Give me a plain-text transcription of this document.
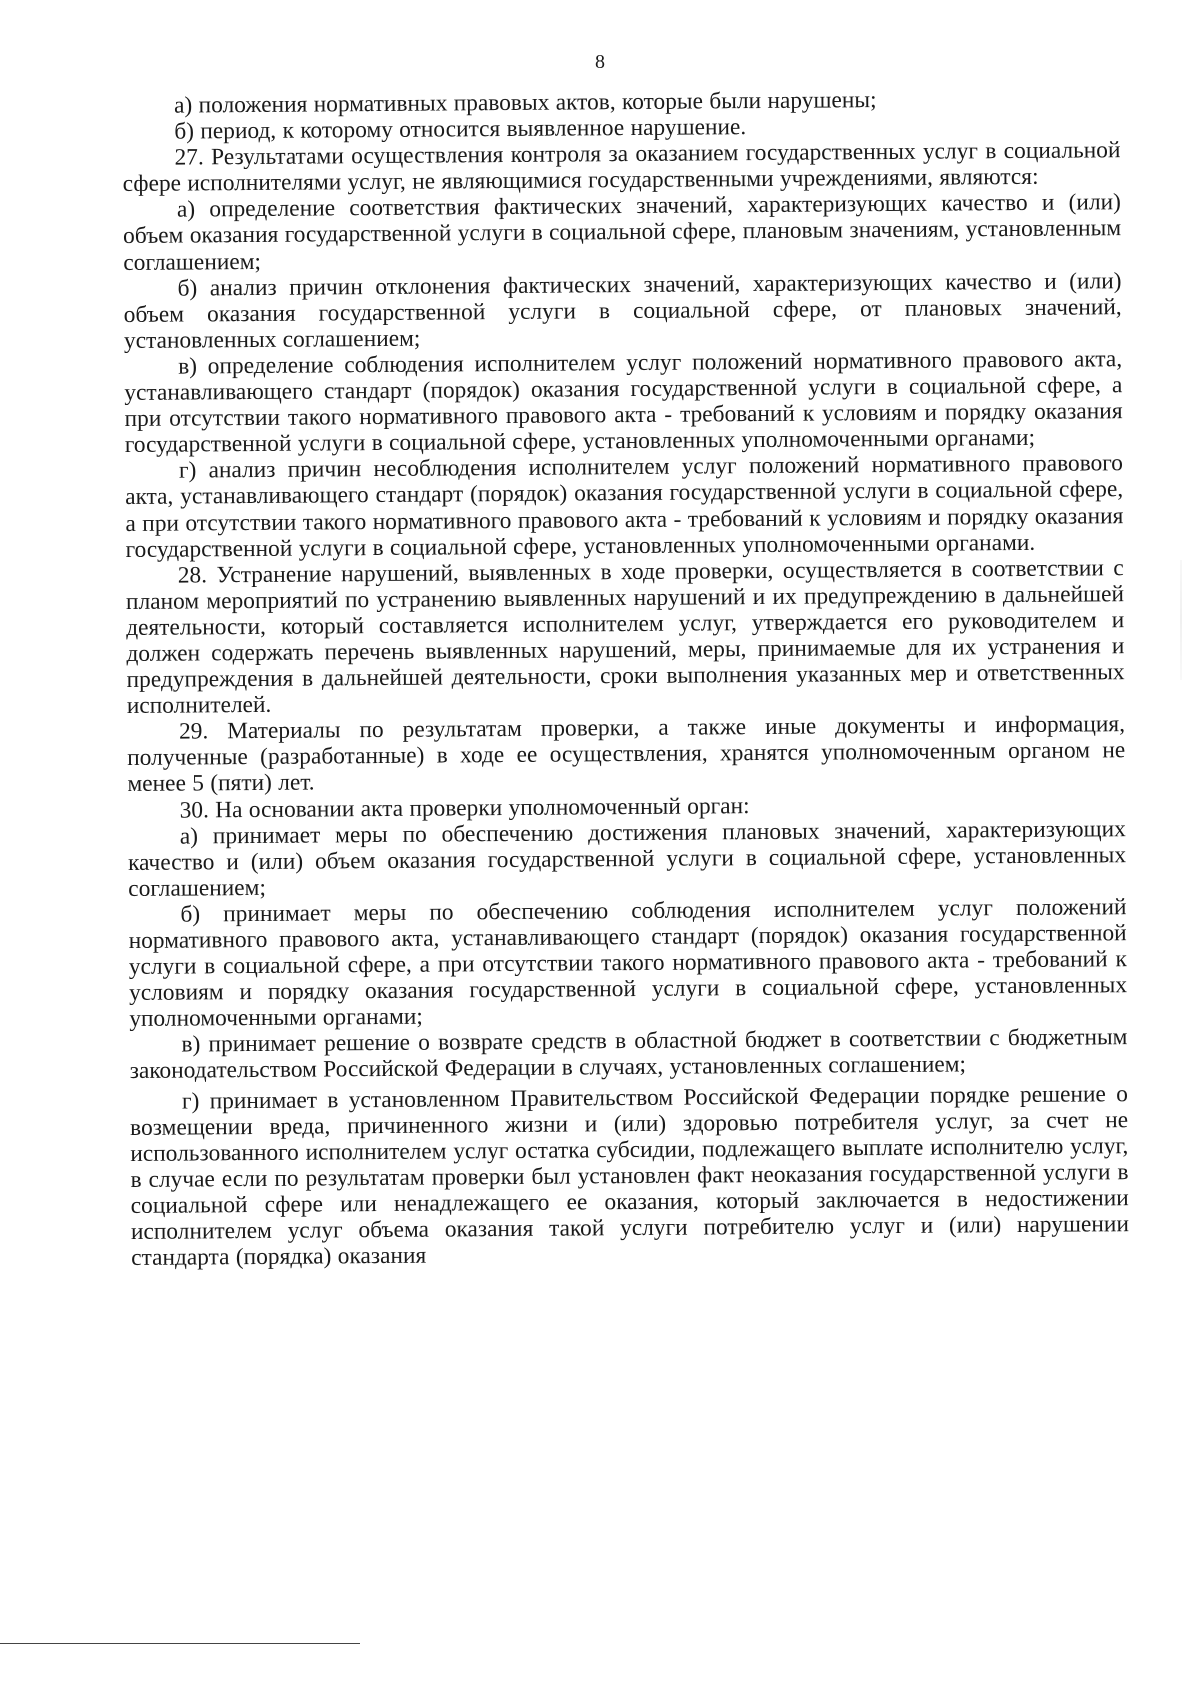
8

а) положения нормативных правовых актов, которые были нарушены;

б) период, к которому относится выявленное нарушение.

27. Результатами осуществления контроля за оказанием государственных услуг в социальной сфере исполнителями услуг, не являющимися государственными учреждениями, являются:

а) определение соответствия фактических значений, характеризующих качество и (или) объем оказания государственной услуги в социальной сфере, плановым значениям, установленным соглашением;

б) анализ причин отклонения фактических значений, характеризующих качество и (или) объем оказания государственной услуги в социальной сфере, от плановых значений, установленных соглашением;

в) определение соблюдения исполнителем услуг положений нормативного правового акта, устанавливающего стандарт (порядок) оказания государственной услуги в социальной сфере, а при отсутствии такого нормативного правового акта - требований к условиям и порядку оказания государственной услуги в социальной сфере, установленных уполномоченными органами;

г) анализ причин несоблюдения исполнителем услуг положений нормативного правового акта, устанавливающего стандарт (порядок) оказания государственной услуги в социальной сфере, а при отсутствии такого нормативного правового акта - требований к условиям и порядку оказания государственной услуги в социальной сфере, установленных уполномоченными органами.

28. Устранение нарушений, выявленных в ходе проверки, осуществляется в соответствии с планом мероприятий по устранению выявленных нарушений и их предупреждению в дальнейшей деятельности, который составляется исполнителем услуг, утверждается его руководителем и должен содержать перечень выявленных нарушений, меры, принимаемые для их устранения и предупреждения в дальнейшей деятельности, сроки выполнения указанных мер и ответственных исполнителей.

29. Материалы по результатам проверки, а также иные документы и информация, полученные (разработанные) в ходе ее осуществления, хранятся уполномоченным органом не менее 5 (пяти) лет.

30. На основании акта проверки уполномоченный орган:

а) принимает меры по обеспечению достижения плановых значений, характеризующих качество и (или) объем оказания государственной услуги в социальной сфере, установленных соглашением;

б) принимает меры по обеспечению соблюдения исполнителем услуг положений нормативного правового акта, устанавливающего стандарт (порядок) оказания государственной услуги в социальной сфере, а при отсутствии такого нормативного правового акта - требований к условиям и порядку оказания государственной услуги в социальной сфере, установленных уполномоченными органами;

в) принимает решение о возврате средств в областной бюджет в соответствии с бюджетным законодательством Российской Федерации в случаях, установленных соглашением;

г) принимает в установленном Правительством Российской Федерации порядке решение о возмещении вреда, причиненного жизни и (или) здоровью потребителя услуг, за счет не использованного исполнителем услуг остатка субсидии, подлежащего выплате исполнителю услуг, в случае если по результатам проверки был установлен факт неоказания государственной услуги в социальной сфере или ненадлежащего ее оказания, который заключается в недостижении исполнителем услуг объема оказания такой услуги потребителю услуг и (или) нарушении стандарта (порядка) оказания
